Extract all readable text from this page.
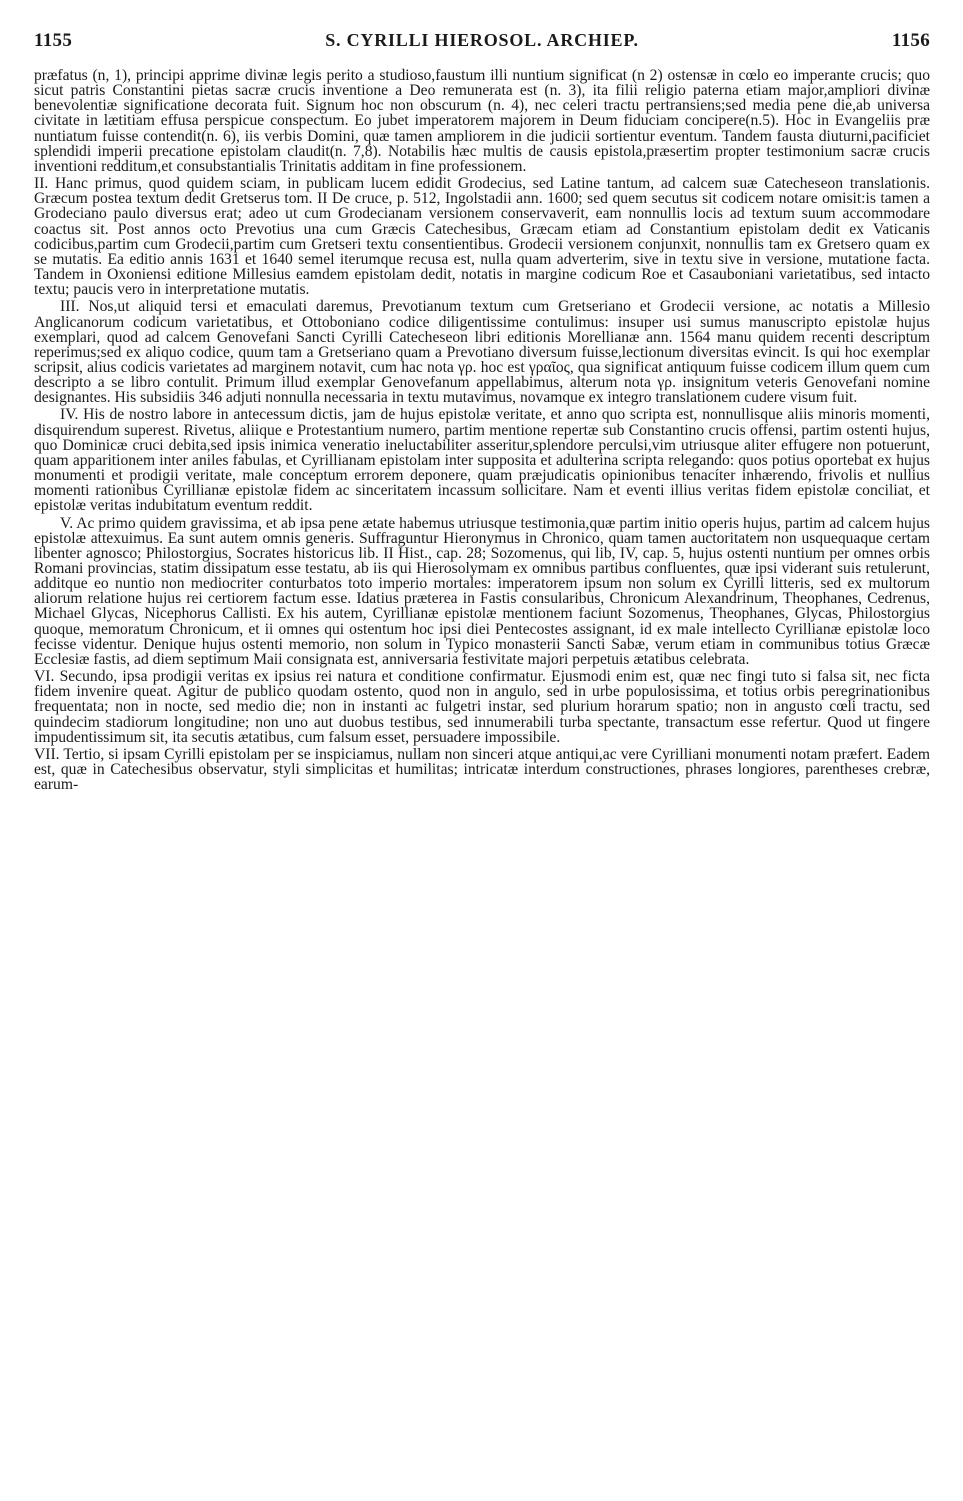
1155	S. CYRILLI HIEROSOL. ARCHIEP.	1156

præfatus (n, 1), principi apprime divinæ legis perito a studioso,faustum illi nuntium significat (n 2) ostensæ in cœlo eo imperante crucis; quo sicut patris Constantini pietas sacræ crucis inventione a Deo remunerata est (n. 3), ita filii religio paterna etiam major,ampliori divinæ benevolentiæ significatione decorata fuit. Signum hoc non obscurum (n. 4), nec celeri tractu pertransiens;sed media pene die,ab universa civitate in lætitiam effusa perspicue conspectum. Eo jubet imperatorem majorem in Deum fiduciam concipere(n.5). Hoc in Evangeliis præ nuntiatum fuisse contendit(n. 6), iis verbis Domini, quæ tamen ampliorem in die judicii sortientur eventum. Tandem fausta diuturni,pacificiet splendidi imperii precatione epistolam claudit(n. 7,8). Notabilis hæc multis de causis epistola,præsertim propter testimonium sacræ crucis inventioni redditum,et consubstantialis Trinitatis additam in fine professionem.

II. Hanc primus, quod quidem sciam, in publicam lucem edidit Grodecius, sed Latine tantum, ad calcem suæ Catecheseon translationis. Græcum postea textum dedit Gretserus tom. II De cruce, p. 512, Ingolstadii ann. 1600; sed quem secutus sit codicem notare omisit:is tamen a Grodeciano paulo diversus erat; adeo ut cum Grodecianam versionem conservaverit, eam nonnullis locis ad textum suum accommodare coactus sit. Post annos octo Prevotius una cum Græcis Catechesibus, Græcam etiam ad Constantium epistolam dedit ex Vaticanis codicibus,partim cum Grodecii,partim cum Gretseri textu consentientibus. Grodecii versionem conjunxit, nonnullis tam ex Gretsero quam ex se mutatis. Ea editio annis 1631 et 1640 semel iterumque recusa est, nulla quam adverterim, sive in textu sive in versione, mutatione facta. Tandem in Oxoniensi editione Millesius eamdem epistolam dedit, notatis in margine codicum Roe et Casauboniani varietatibus, sed intacto textu; paucis vero in interpretatione mutatis.

III. Nos,ut aliquid tersi et emaculati daremus, Prevotianum textum cum Gretseriano et Grodecii versione, ac notatis a Millesio Anglicanorum codicum varietatibus, et Ottoboniano codice diligentissime contulimus: insuper usi sumus manuscripto epistolæ hujus exemplari, quod ad calcem Genovefani Sancti Cyrilli Catecheseon libri editionis Morellianæ ann. 1564 manu quidem recenti descriptum reperimus;sed ex aliquo codice, quum tam a Gretseriano quam a Prevotiano diversum fuisse,lectionum diversitas evincit. Is qui hoc exemplar scripsit, alius codicis varietates ad marginem notavit, cum hac nota γρ. hoc est γραῖος, qua significat antiquum fuisse codicem illum quem cum descripto a se libro contulit. Primum illud exemplar Genovefanum appellabimus, alterum nota γρ. insignitum veteris Genovefani nomine designantes. His subsidiis 346 adjuti nonnulla necessaria in textu mutavimus, novamque ex integro translationem cudere visum fuit.

IV. His de nostro labore in antecessum dictis, jam de hujus epistolæ veritate, et anno quo scripta est, nonnullisque aliis minoris momenti, disquirendum superest. Rivetus, aliique e Protestantium numero, partim mentione repertæ sub Constantino crucis offensi, partim ostenti hujus, quo Dominicæ cruci debita,sed ipsis inimica veneratio ineluctabiliter asseritur,splendore perculsi,vim utriusque aliter effugere non potuerunt, quam apparitionem inter aniles fabulas, et Cyrillianam epistolam inter supposita et adulterina scripta relegando: quos potius oportebat ex hujus monumenti et prodigii veritate, male conceptum errorem deponere, quam præjudicatis opinionibus tenacíter inhærendo, frivolis et nullius momenti rationibus Cyrillianæ epistolæ fidem ac sinceritatem incassum sollicitare. Nam et eventi illius veritas fidem epistolæ conciliat, et epistolæ veritas indubitatum eventum reddit.

V. Ac primo quidem gravissima, et ab ipsa pene ætate habemus utriusque testimonia,quæ partim initio operis hujus, partim ad calcem hujus epistolæ attexuimus. Ea sunt autem omnis generis. Suffraguntur Hieronymus in Chronico, quam tamen auctoritatem non usquequaque certam libenter agnosco; Philostorgius, Socrates historicus lib. II Hist., cap. 28; Sozomenus, qui lib, IV, cap. 5, hujus ostenti nuntium per omnes orbis Romani provincias, statim dissipatum esse testatu, ab iis qui Hierosolymam ex omnibus partibus confluentes, quæ ipsi viderant suis retulerunt, additque eo nuntio non mediocriter conturbatos toto imperio mortales: imperatorem ipsum non solum ex Cyrilli litteris, sed ex multorum aliorum relatione hujus rei certiorem factum esse. Idatius præterea in Fastis consularibus, Chronicum Alexandrinum, Theophanes, Cedrenus, Michael Glycas, Nicephorus Callisti. Ex his autem, Cyrillianæ epistolæ mentionem faciunt Sozomenus, Theophanes, Glycas, Philostorgius quoque, memoratum Chronicum, et ii omnes qui ostentum hoc ipsi diei Pentecostes assignant, id ex male intellecto Cyrillianæ epistolæ loco fecisse videntur. Denique hujus ostenti memorio, non solum in Typico monasterii Sancti Sabæ, verum etiam in communibus totius Græcæ Ecclesiæ fastis, ad diem septimum Maii consignata est, anniversaria festivitate majori perpetuis ætatibus celebrata.

VI. Secundo, ipsa prodigii veritas ex ipsius rei natura et conditione confirmatur. Ejusmodi enim est, quæ nec fingi tuto si falsa sit, nec ficta fidem invenire queat. Agitur de publico quodam ostento, quod non in angulo, sed in urbe populosissima, et totius orbis peregrinationibus frequentata; non in nocte, sed medio die; non in instanti ac fulgetri instar, sed plurium horarum spatio; non in angusto cœli tractu, sed quindecim stadiorum longitudine; non uno aut duobus testibus, sed innumerabili turba spectante, transactum esse refertur. Quod ut fingere impudentissimum sit, ita secutis ætatibus, cum falsum esset, persuadere impossibile.

VII. Tertio, si ipsam Cyrilli epistolam per se inspiciamus, nullam non sinceri atque antiqui,ac vere Cyrilliani monumenti notam præfert. Eadem est, quæ in Catechesibus observatur, styli simplicitas et humilitas; intricatæ interdum constructiones, phrases longiores, parentheses crebræ, earum-
